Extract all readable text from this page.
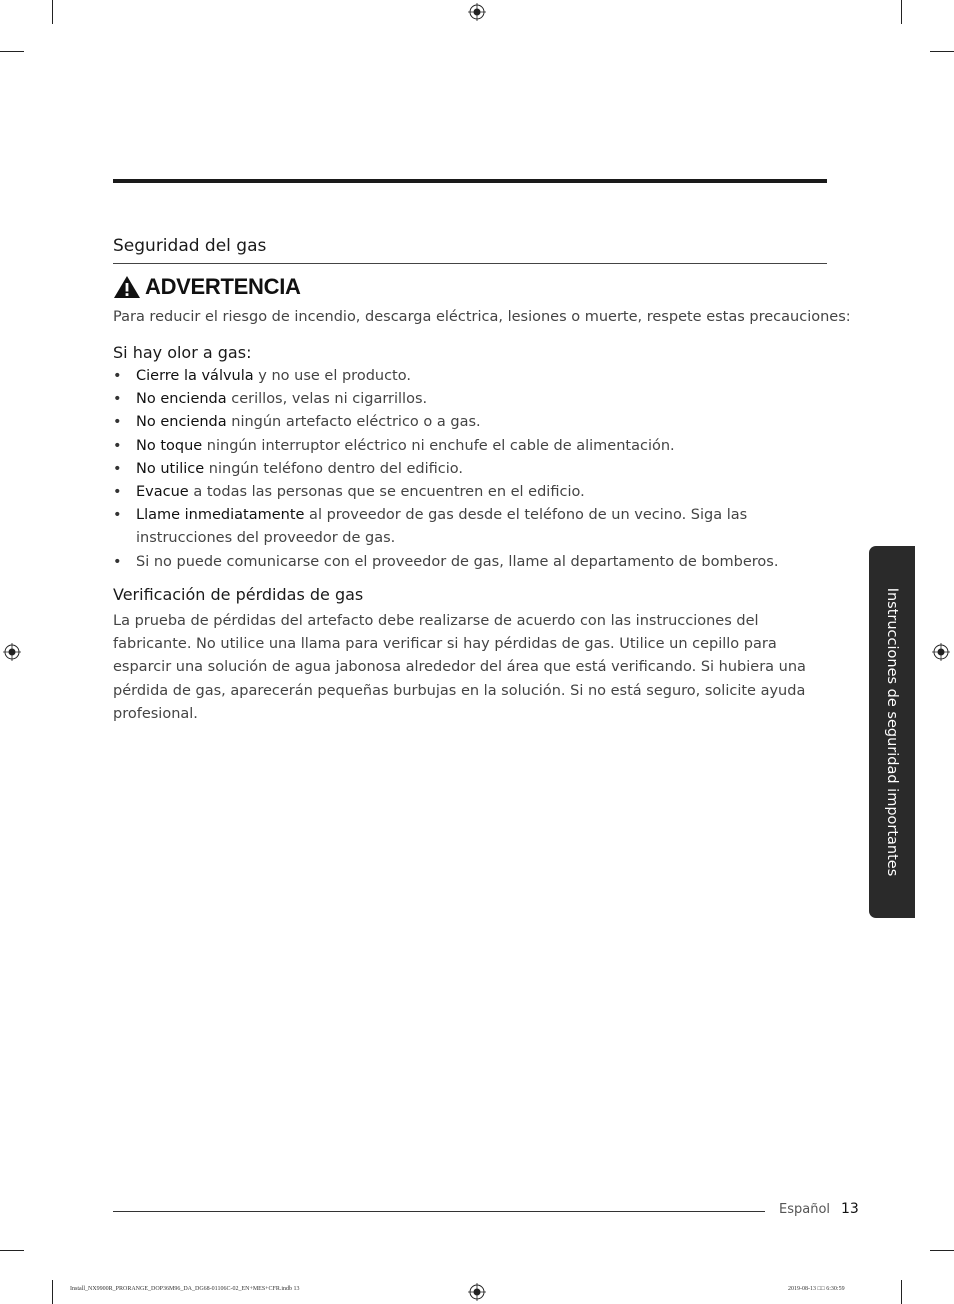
Seguridad del gas
ADVERTENCIA
Para reducir el riesgo de incendio, descarga eléctrica, lesiones o muerte, respete estas precauciones:
Si hay olor a gas:
• Cierre la válvula y no use el producto.
• No encienda cerillos, velas ni cigarrillos.
• No encienda ningún artefacto eléctrico o a gas.
• No toque ningún interruptor eléctrico ni enchufe el cable de alimentación.
• No utilice ningún teléfono dentro del edificio.
• Evacue a todas las personas que se encuentren en el edificio.
• Llame inmediatamente al proveedor de gas desde el teléfono de un vecino. Siga las instrucciones del proveedor de gas.
• Si no puede comunicarse con el proveedor de gas, llame al departamento de bomberos.
Verificación de pérdidas de gas
La prueba de pérdidas del artefacto debe realizarse de acuerdo con las instrucciones del fabricante. No utilice una llama para verificar si hay pérdidas de gas. Utilice un cepillo para esparcir una solución de agua jabonosa alrededor del área que está verificando. Si hubiera una pérdida de gas, aparecerán pequeñas burbujas en la solución. Si no está seguro, solicite ayuda profesional.	Instrucciones de seguridad importantes
Español 13
Install_NX9900R_PRORANGE_DOP36M96_DA_DG68-01106C-02_EN+MES+CFR.indb 13	2019-08-13 □□ 6:30:59
